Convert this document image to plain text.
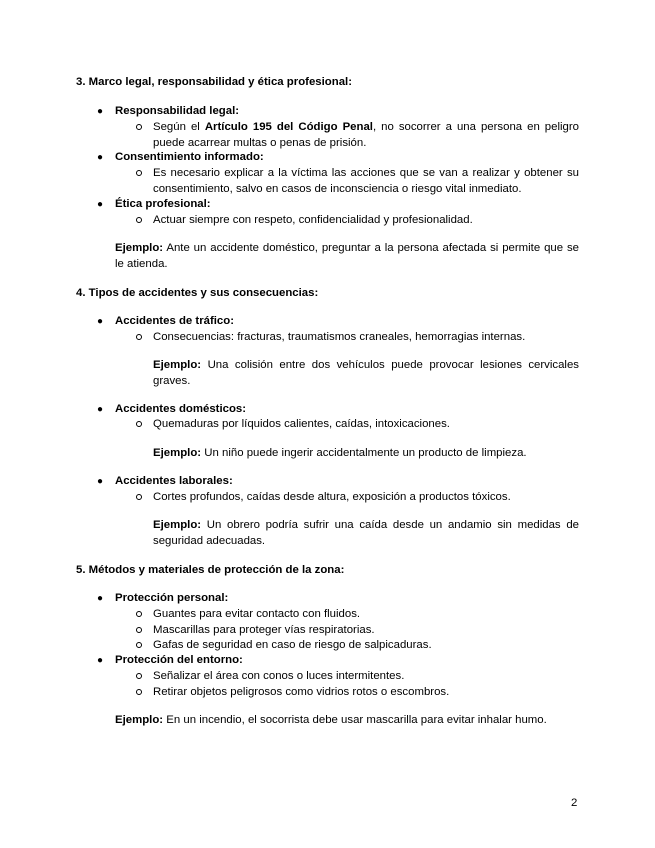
3. Marco legal, responsabilidad y ética profesional:
● Responsabilidad legal:
Según el Artículo 195 del Código Penal, no socorrer a una persona en peligro puede acarrear multas o penas de prisión.
● Consentimiento informado:
Es necesario explicar a la víctima las acciones que se van a realizar y obtener su consentimiento, salvo en casos de inconsciencia o riesgo vital inmediato.
● Ética profesional:
Actuar siempre con respeto, confidencialidad y profesionalidad.
Ejemplo: Ante un accidente doméstico, preguntar a la persona afectada si permite que se le atienda.
4. Tipos de accidentes y sus consecuencias:
● Accidentes de tráfico:
Consecuencias: fracturas, traumatismos craneales, hemorragias internas.
Ejemplo: Una colisión entre dos vehículos puede provocar lesiones cervicales graves.
● Accidentes domésticos:
Quemaduras por líquidos calientes, caídas, intoxicaciones.
Ejemplo: Un niño puede ingerir accidentalmente un producto de limpieza.
● Accidentes laborales:
Cortes profundos, caídas desde altura, exposición a productos tóxicos.
Ejemplo: Un obrero podría sufrir una caída desde un andamio sin medidas de seguridad adecuadas.
5. Métodos y materiales de protección de la zona:
● Protección personal:
Guantes para evitar contacto con fluidos.
Mascarillas para proteger vías respiratorias.
Gafas de seguridad en caso de riesgo de salpicaduras.
● Protección del entorno:
Señalizar el área con conos o luces intermitentes.
Retirar objetos peligrosos como vidrios rotos o escombros.
Ejemplo: En un incendio, el socorrista debe usar mascarilla para evitar inhalar humo.
2
